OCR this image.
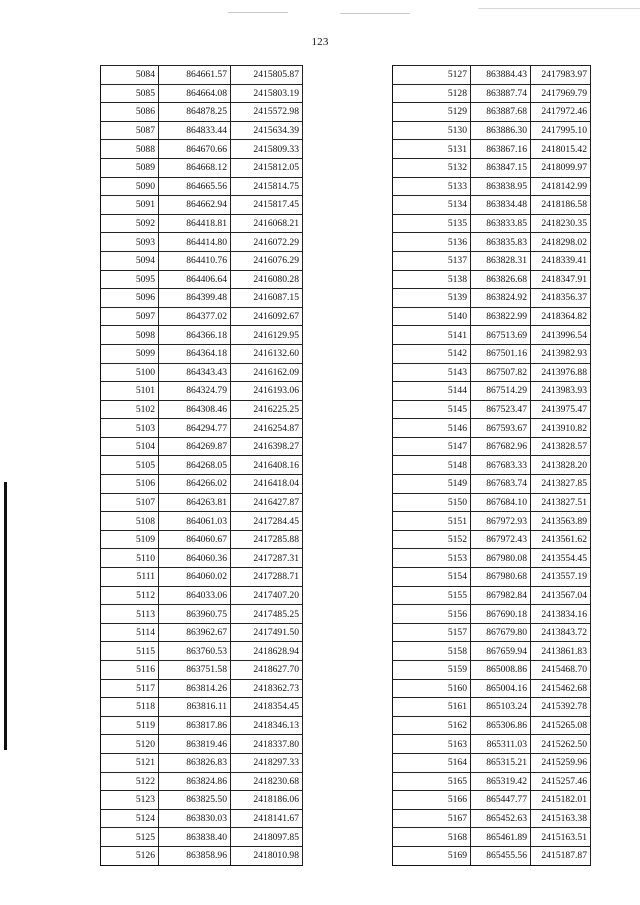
123
5084	864661.57	2415805.87
5085	864664.08	2415803.19
5086	864878.25	2415572.98
5087	864833.44	2415634.39
5088	864670.66	2415809.33
5089	864668.12	2415812.05
5090	864665.56	2415814.75
5091	864662.94	2415817.45
5092	864418.81	2416068.21
5093	864414.80	2416072.29
5094	864410.76	2416076.29
5095	864406.64	2416080.28
5096	864399.48	2416087.15
5097	864377.02	2416092.67
5098	864366.18	2416129.95
5099	864364.18	2416132.60
5100	864343.43	2416162.09
5101	864324.79	2416193.06
5102	864308.46	2416225.25
5103	864294.77	2416254.87
5104	864269.87	2416398.27
5105	864268.05	2416408.16
5106	864266.02	2416418.04
5107	864263.81	2416427.87
5108	864061.03	2417284.45
5109	864060.67	2417285.88
5110	864060.36	2417287.31
5111	864060.02	2417288.71
5112	864033.06	2417407.20
5113	863960.75	2417485.25
5114	863962.67	2417491.50
5115	863760.53	2418628.94
5116	863751.58	2418627.70
5117	863814.26	2418362.73
5118	863816.11	2418354.45
5119	863817.86	2418346.13
5120	863819.46	2418337.80
5121	863826.83	2418297.33
5122	863824.86	2418230.68
5123	863825.50	2418186.06
5124	863830.03	2418141.67
5125	863838.40	2418097.85
5126	863858.96	2418010.98
5127	863884.43	2417983.97
5128	863887.74	2417969.79
5129	863887.68	2417972.46
5130	863886.30	2417995.10
5131	863867.16	2418015.42
5132	863847.15	2418099.97
5133	863838.95	2418142.99
5134	863834.48	2418186.58
5135	863833.85	2418230.35
5136	863835.83	2418298.02
5137	863828.31	2418339.41
5138	863826.68	2418347.91
5139	863824.92	2418356.37
5140	863822.99	2418364.82
5141	867513.69	2413996.54
5142	867501.16	2413982.93
5143	867507.82	2413976.88
5144	867514.29	2413983.93
5145	867523.47	2413975.47
5146	867593.67	2413910.82
5147	867682.96	2413828.57
5148	867683.33	2413828.20
5149	867683.74	2413827.85
5150	867684.10	2413827.51
5151	867972.93	2413563.89
5152	867972.43	2413561.62
5153	867980.08	2413554.45
5154	867980.68	2413557.19
5155	867982.84	2413567.04
5156	867690.18	2413834.16
5157	867679.80	2413843.72
5158	867659.94	2413861.83
5159	865008.86	2415468.70
5160	865004.16	2415462.68
5161	865103.24	2415392.78
5162	865306.86	2415265.08
5163	865311.03	2415262.50
5164	865315.21	2415259.96
5165	865319.42	2415257.46
5166	865447.77	2415182.01
5167	865452.63	2415163.38
5168	865461.89	2415163.51
5169	865455.56	2415187.87
